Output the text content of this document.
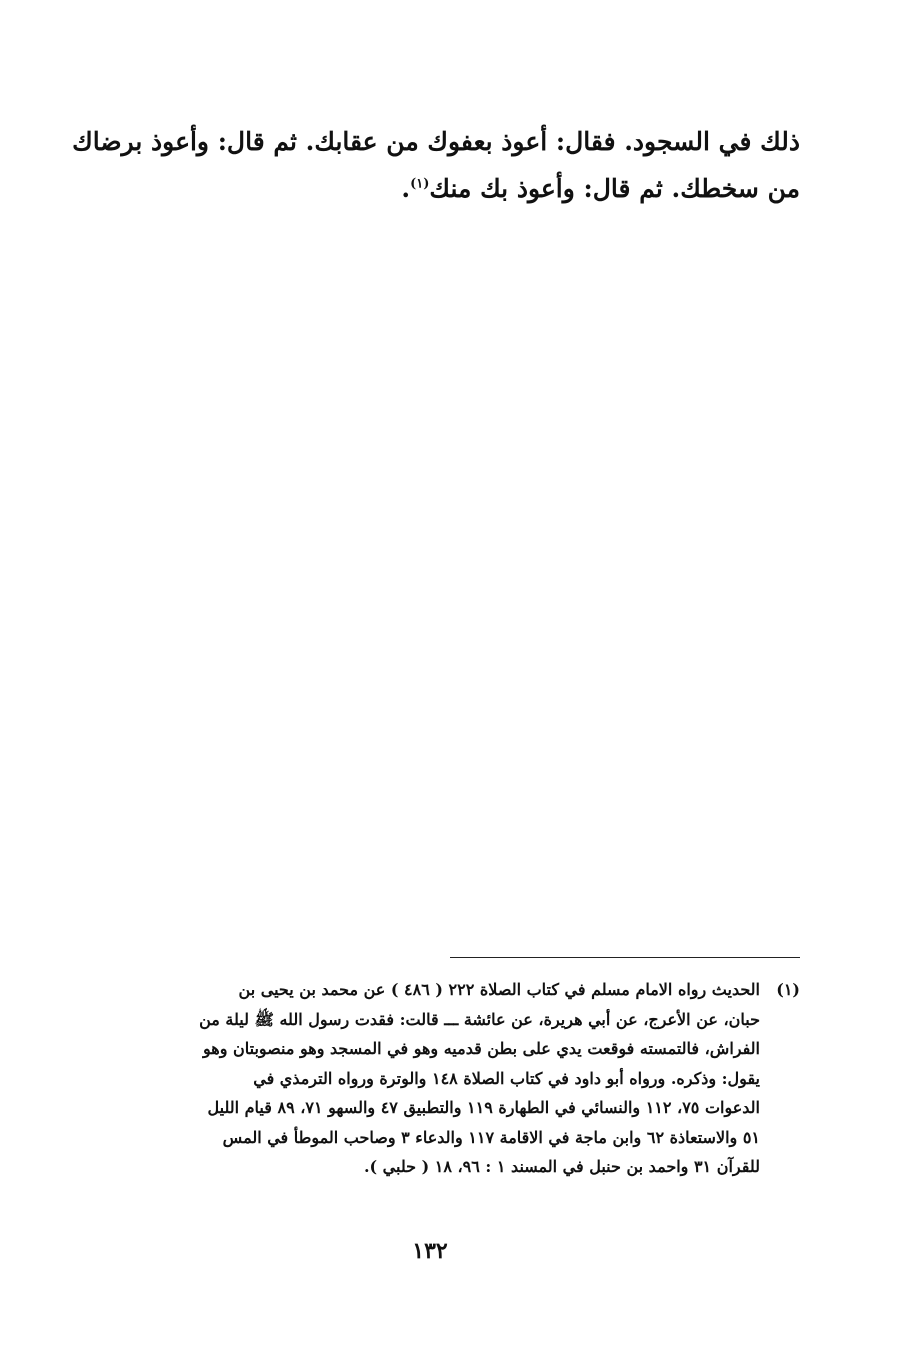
ذلك في السجود. فقال: أعوذ بعفوك من عقابك. ثم قال: وأعوذ برضاك
من سخطك. ثم قال: وأعوذ بك منك$^{(١)}$.
(١)الحديث رواه الامام مسلم في كتاب الصلاة ٢٢٢ ( ٤٨٦ ) عن محمد بن يحيى بن
حبان، عن الأعرج، عن أبي هريرة، عن عائشة ـــ قالت: فقدت رسول الله ﷺ ليلة من
الفراش، فالتمسته فوقعت يدي على بطن قدميه وهو في المسجد وهو منصوبتان وهو
يقول: وذكره. ورواه أبو داود في كتاب الصلاة ١٤٨ والوترة ورواه الترمذي في
الدعوات ٧٥، ١١٢ والنسائي في الطهارة ١١٩ والتطبيق ٤٧ والسهو ٧١، ٨٩ قيام الليل
٥١ والاستعاذة ٦٢ وابن ماجة في الاقامة ١١٧ والدعاء ٣ وصاحب الموطأ في المس
للقرآن ٣١ واحمد بن حنبل في المسند ١ : ٩٦، ١٨ ( حلبي ).
١٣٢
